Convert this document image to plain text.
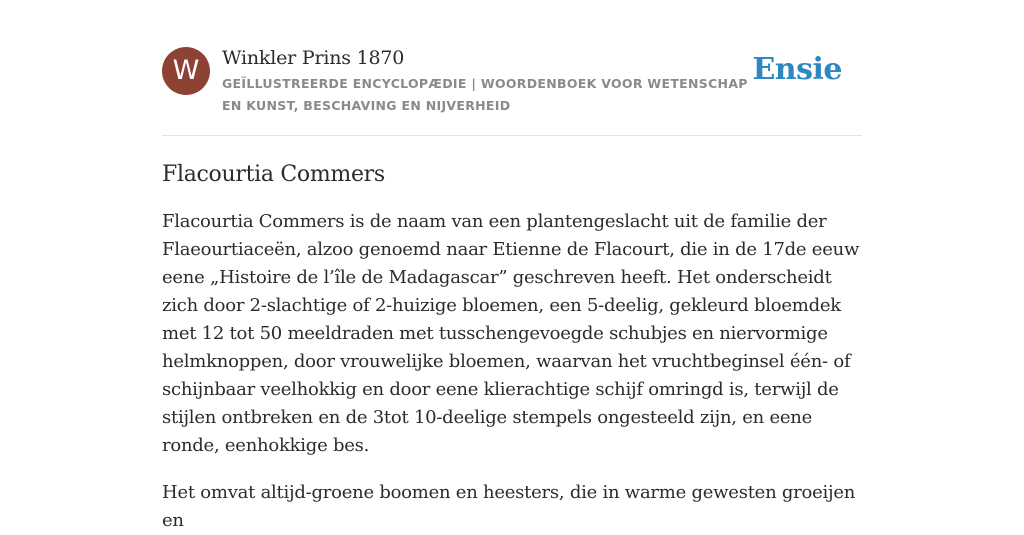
W	Winkler Prins 1870
GEÏLLUSTREERDE ENCYCLOPÆDIE | WOORDENBOEK VOOR WETENSCHAP EN KUNST, BESCHAVING EN NIJVERHEID
Ensie
Flacourtia Commers

Flacourtia Commers is de naam van een plantengeslacht uit de familie der Flaeourtiaceën, alzoo genoemd naar Etienne de Flacourt, die in de 17de eeuw eene „Histoire de l’île de Madagascar” geschreven heeft. Het onderscheidt zich door 2-slachtige of 2-huizige bloemen, een 5-deelig, gekleurd bloemdek met 12 tot 50 meeldraden met tusschengevoegde schubjes en niervormige helmknoppen, door vrouwelijke bloemen, waarvan het vruchtbeginsel één- of schijnbaar veelhokkig en door eene klierachtige schijf omringd is, terwijl de stijlen ontbreken en de 3tot 10-deelige stempels ongesteeld zijn, en eene ronde, eenhokkige bes.

Het omvat altijd-groene boomen en heesters, die in warme gewesten groeijen en
